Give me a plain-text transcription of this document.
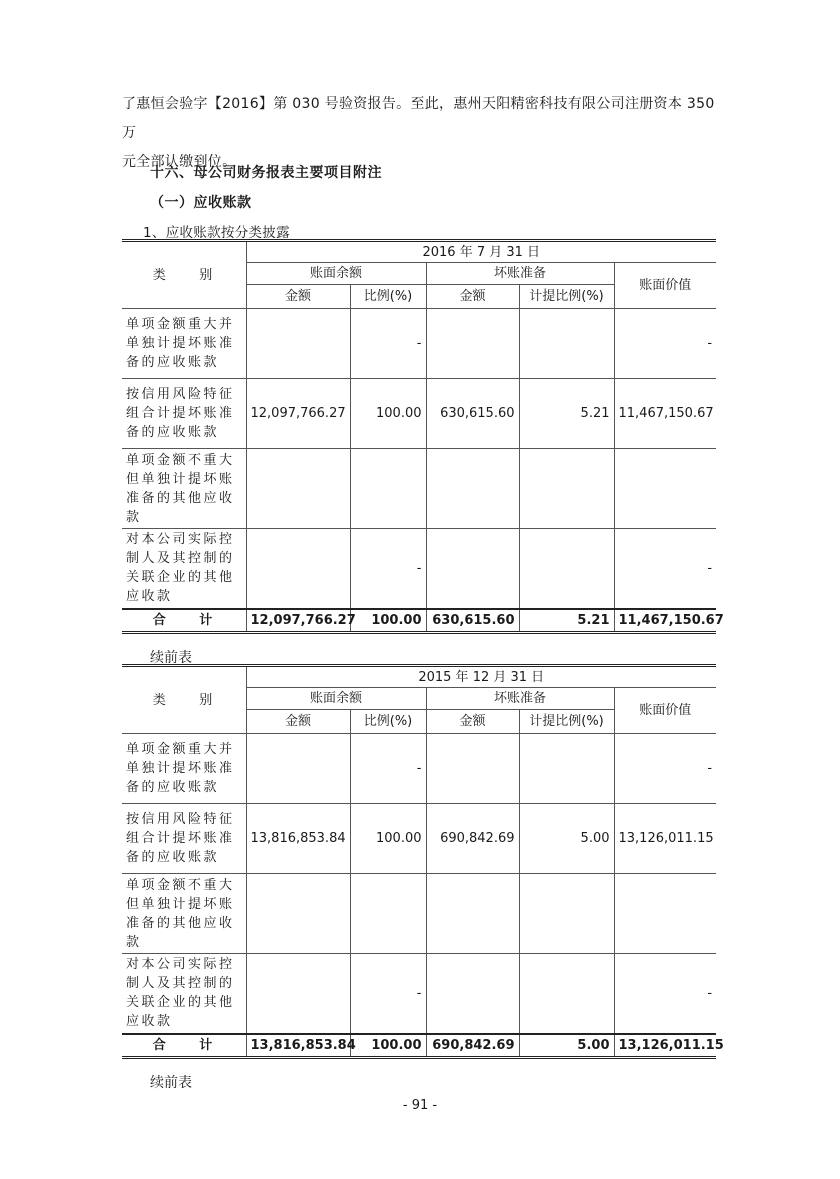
了惠恒会验字【2016】第 030 号验资报告。至此，惠州天阳精密科技有限公司注册资本 350 万
元全部认缴到位。
十六、母公司财务报表主要项目附注
（一）应收账款
1、应收账款按分类披露
类　　别	2016 年 7 月 31 日				
	账面余额		坏账准备		账面价值
	金额	比例(%)	金额	计提比例(%)	
单项金额重大并单独计提坏账准备的应收账款		-			-
按信用风险特征组合计提坏账准备的应收账款	12,097,766.27	100.00	630,615.60	5.21	11,467,150.67
单项金额不重大但单独计提坏账准备的其他应收款					
对本公司实际控制人及其控制的关联企业的其他应收款		-			-
合　　计	12,097,766.27	100.00	630,615.60	5.21	11,467,150.67
续前表
类　　别	2015 年 12 月 31 日				
	账面余额		坏账准备		账面价值
	金额	比例(%)	金额	计提比例(%)	
单项金额重大并单独计提坏账准备的应收账款		-			-
按信用风险特征组合计提坏账准备的应收账款	13,816,853.84	100.00	690,842.69	5.00	13,126,011.15
单项金额不重大但单独计提坏账准备的其他应收款					
对本公司实际控制人及其控制的关联企业的其他应收款		-			-
合　　计	13,816,853.84	100.00	690,842.69	5.00	13,126,011.15
续前表
- 91 -
